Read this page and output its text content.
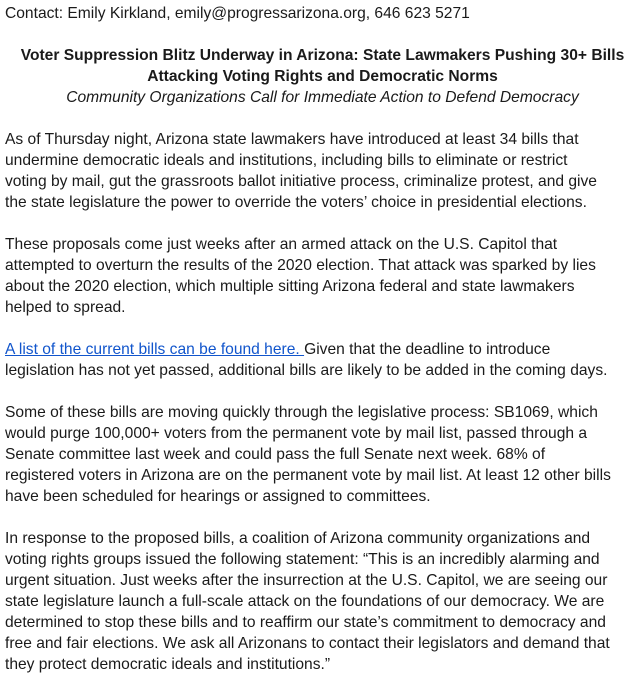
Contact: Emily Kirkland, emily@progressarizona.org, 646 623 5271
Voter Suppression Blitz Underway in Arizona: State Lawmakers Pushing 30+ Bills
Attacking Voting Rights and Democratic Norms
Community Organizations Call for Immediate Action to Defend Democracy

As of Thursday night, Arizona state lawmakers have introduced at least 34 bills that
undermine democratic ideals and institutions, including bills to eliminate or restrict
voting by mail, gut the grassroots ballot initiative process, criminalize protest, and give
the state legislature the power to override the voters’ choice in presidential elections.

These proposals come just weeks after an armed attack on the U.S. Capitol that
attempted to overturn the results of the 2020 election. That attack was sparked by lies
about the 2020 election, which multiple sitting Arizona federal and state lawmakers
helped to spread.

A list of the current bills can be found here. Given that the deadline to introduce
legislation has not yet passed, additional bills are likely to be added in the coming days.

Some of these bills are moving quickly through the legislative process: SB1069, which
would purge 100,000+ voters from the permanent vote by mail list, passed through a
Senate committee last week and could pass the full Senate next week. 68% of
registered voters in Arizona are on the permanent vote by mail list. At least 12 other bills
have been scheduled for hearings or assigned to committees.

In response to the proposed bills, a coalition of Arizona community organizations and
voting rights groups issued the following statement: “This is an incredibly alarming and
urgent situation. Just weeks after the insurrection at the U.S. Capitol, we are seeing our
state legislature launch a full-scale attack on the foundations of our democracy. We are
determined to stop these bills and to reaffirm our state’s commitment to democracy and
free and fair elections. We ask all Arizonans to contact their legislators and demand that
they protect democratic ideals and institutions.”
